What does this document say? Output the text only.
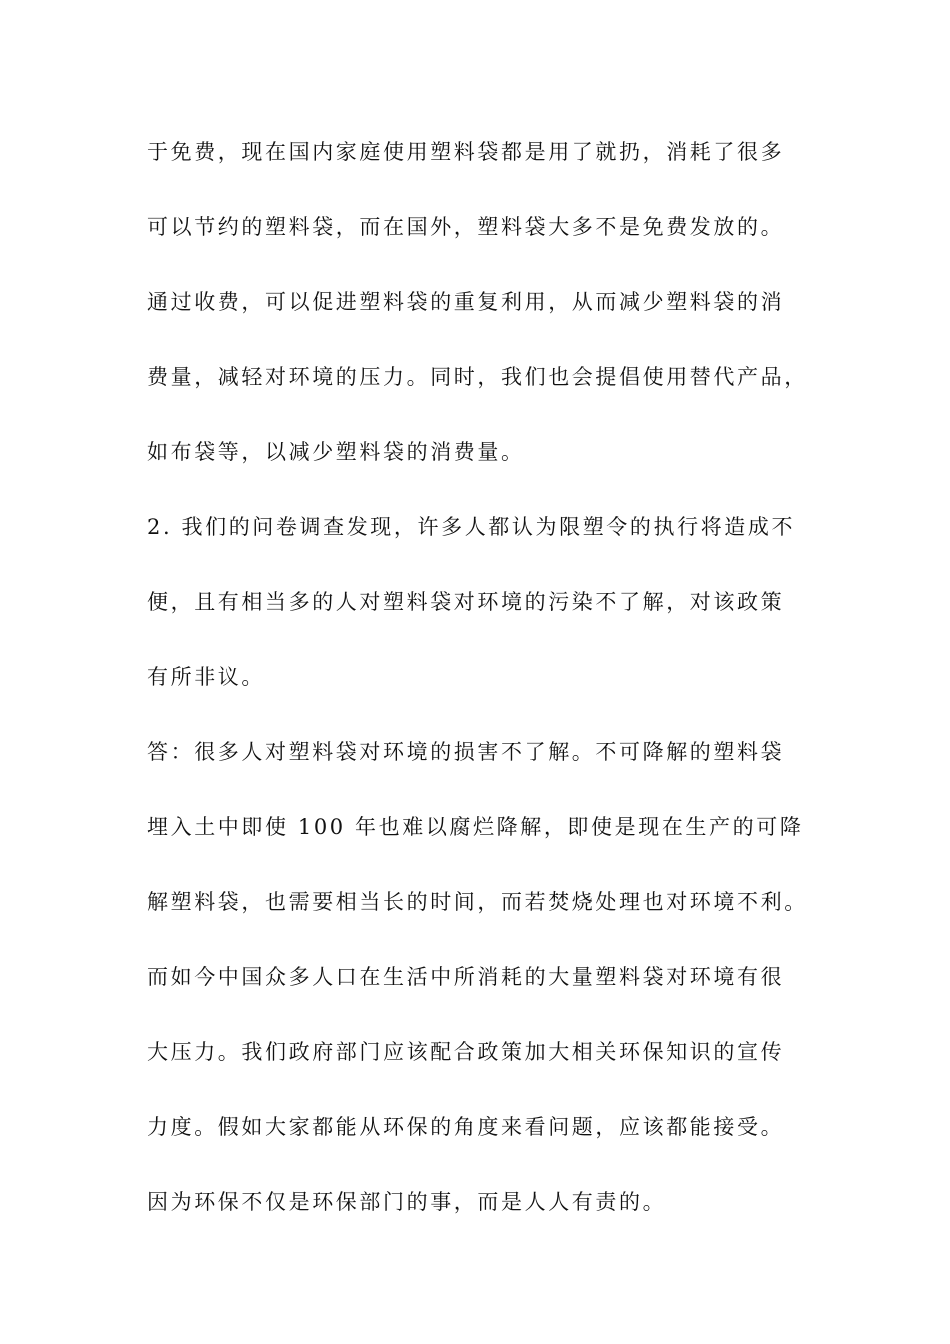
于免费，现在国内家庭使用塑料袋都是用了就扔，消耗了很多
可以节约的塑料袋，而在国外，塑料袋大多不是免费发放的。
通过收费，可以促进塑料袋的重复利用，从而减少塑料袋的消
费量，减轻对环境的压力。同时，我们也会提倡使用替代产品，
如布袋等，以减少塑料袋的消费量。
2. 我们的问卷调查发现，许多人都认为限塑令的执行将造成不
便，且有相当多的人对塑料袋对环境的污染不了解，对该政策
有所非议。
答：很多人对塑料袋对环境的损害不了解。不可降解的塑料袋
埋入土中即使 100 年也难以腐烂降解，即使是现在生产的可降
解塑料袋，也需要相当长的时间，而若焚烧处理也对环境不利。
而如今中国众多人口在生活中所消耗的大量塑料袋对环境有很
大压力。我们政府部门应该配合政策加大相关环保知识的宣传
力度。假如大家都能从环保的角度来看问题，应该都能接受。
因为环保不仅是环保部门的事，而是人人有责的。
